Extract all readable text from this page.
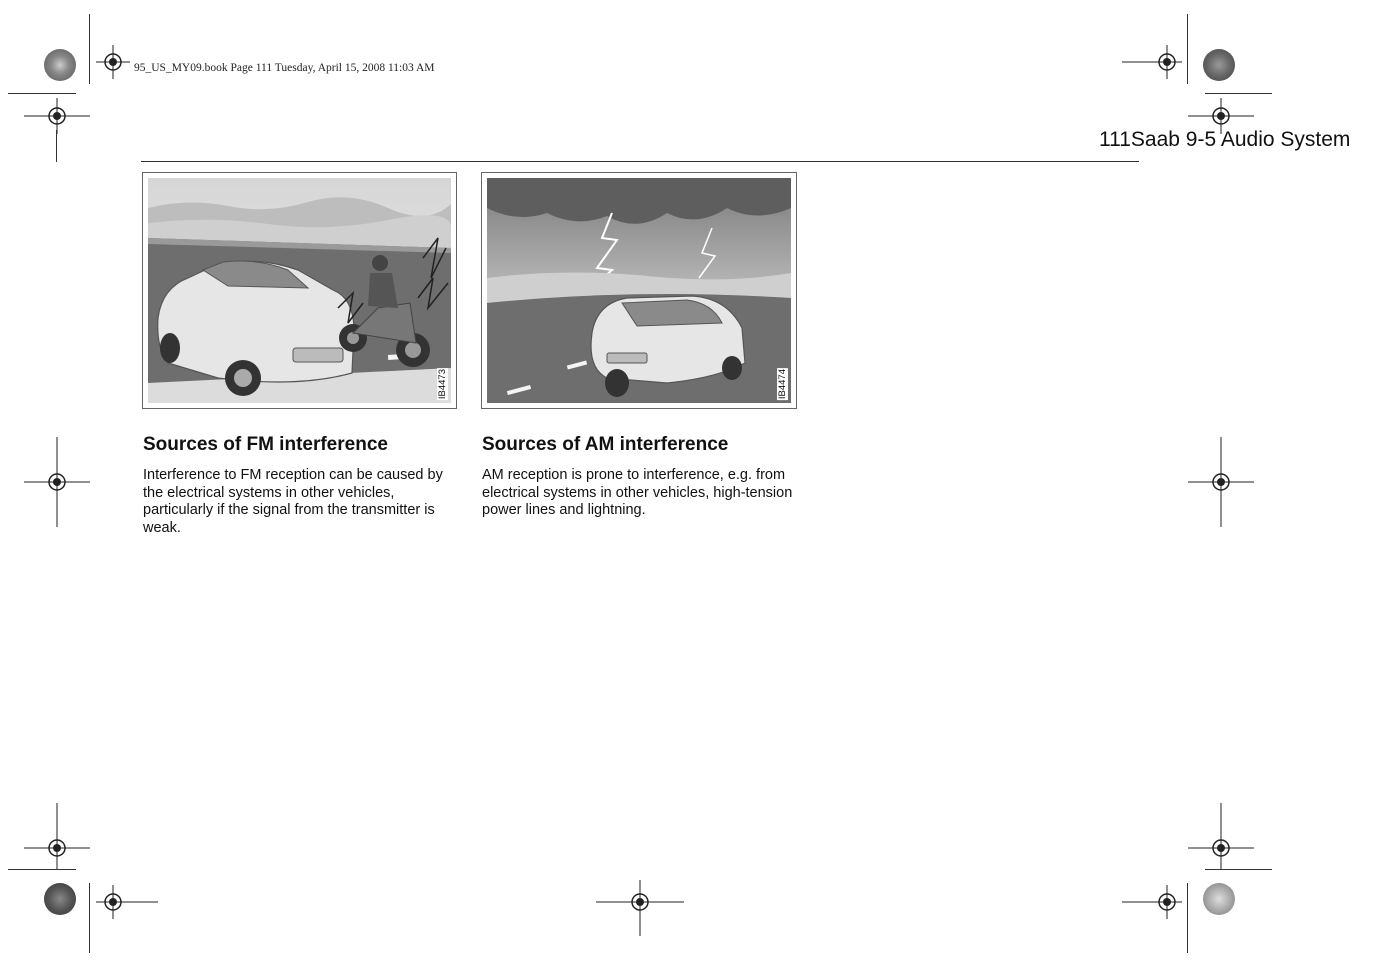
95_US_MY09.book Page 111 Tuesday, April 15, 2008 11:03 AM
111Saab 9-5 Audio System
IB4473	IB4474
Sources of FM interference
Interference to FM reception can be caused by the electrical systems in other vehicles, particularly if the signal from the transmitter is weak.
Sources of AM interference
AM reception is prone to interference, e.g. from electrical systems in other vehicles, high-tension power lines and lightning.
